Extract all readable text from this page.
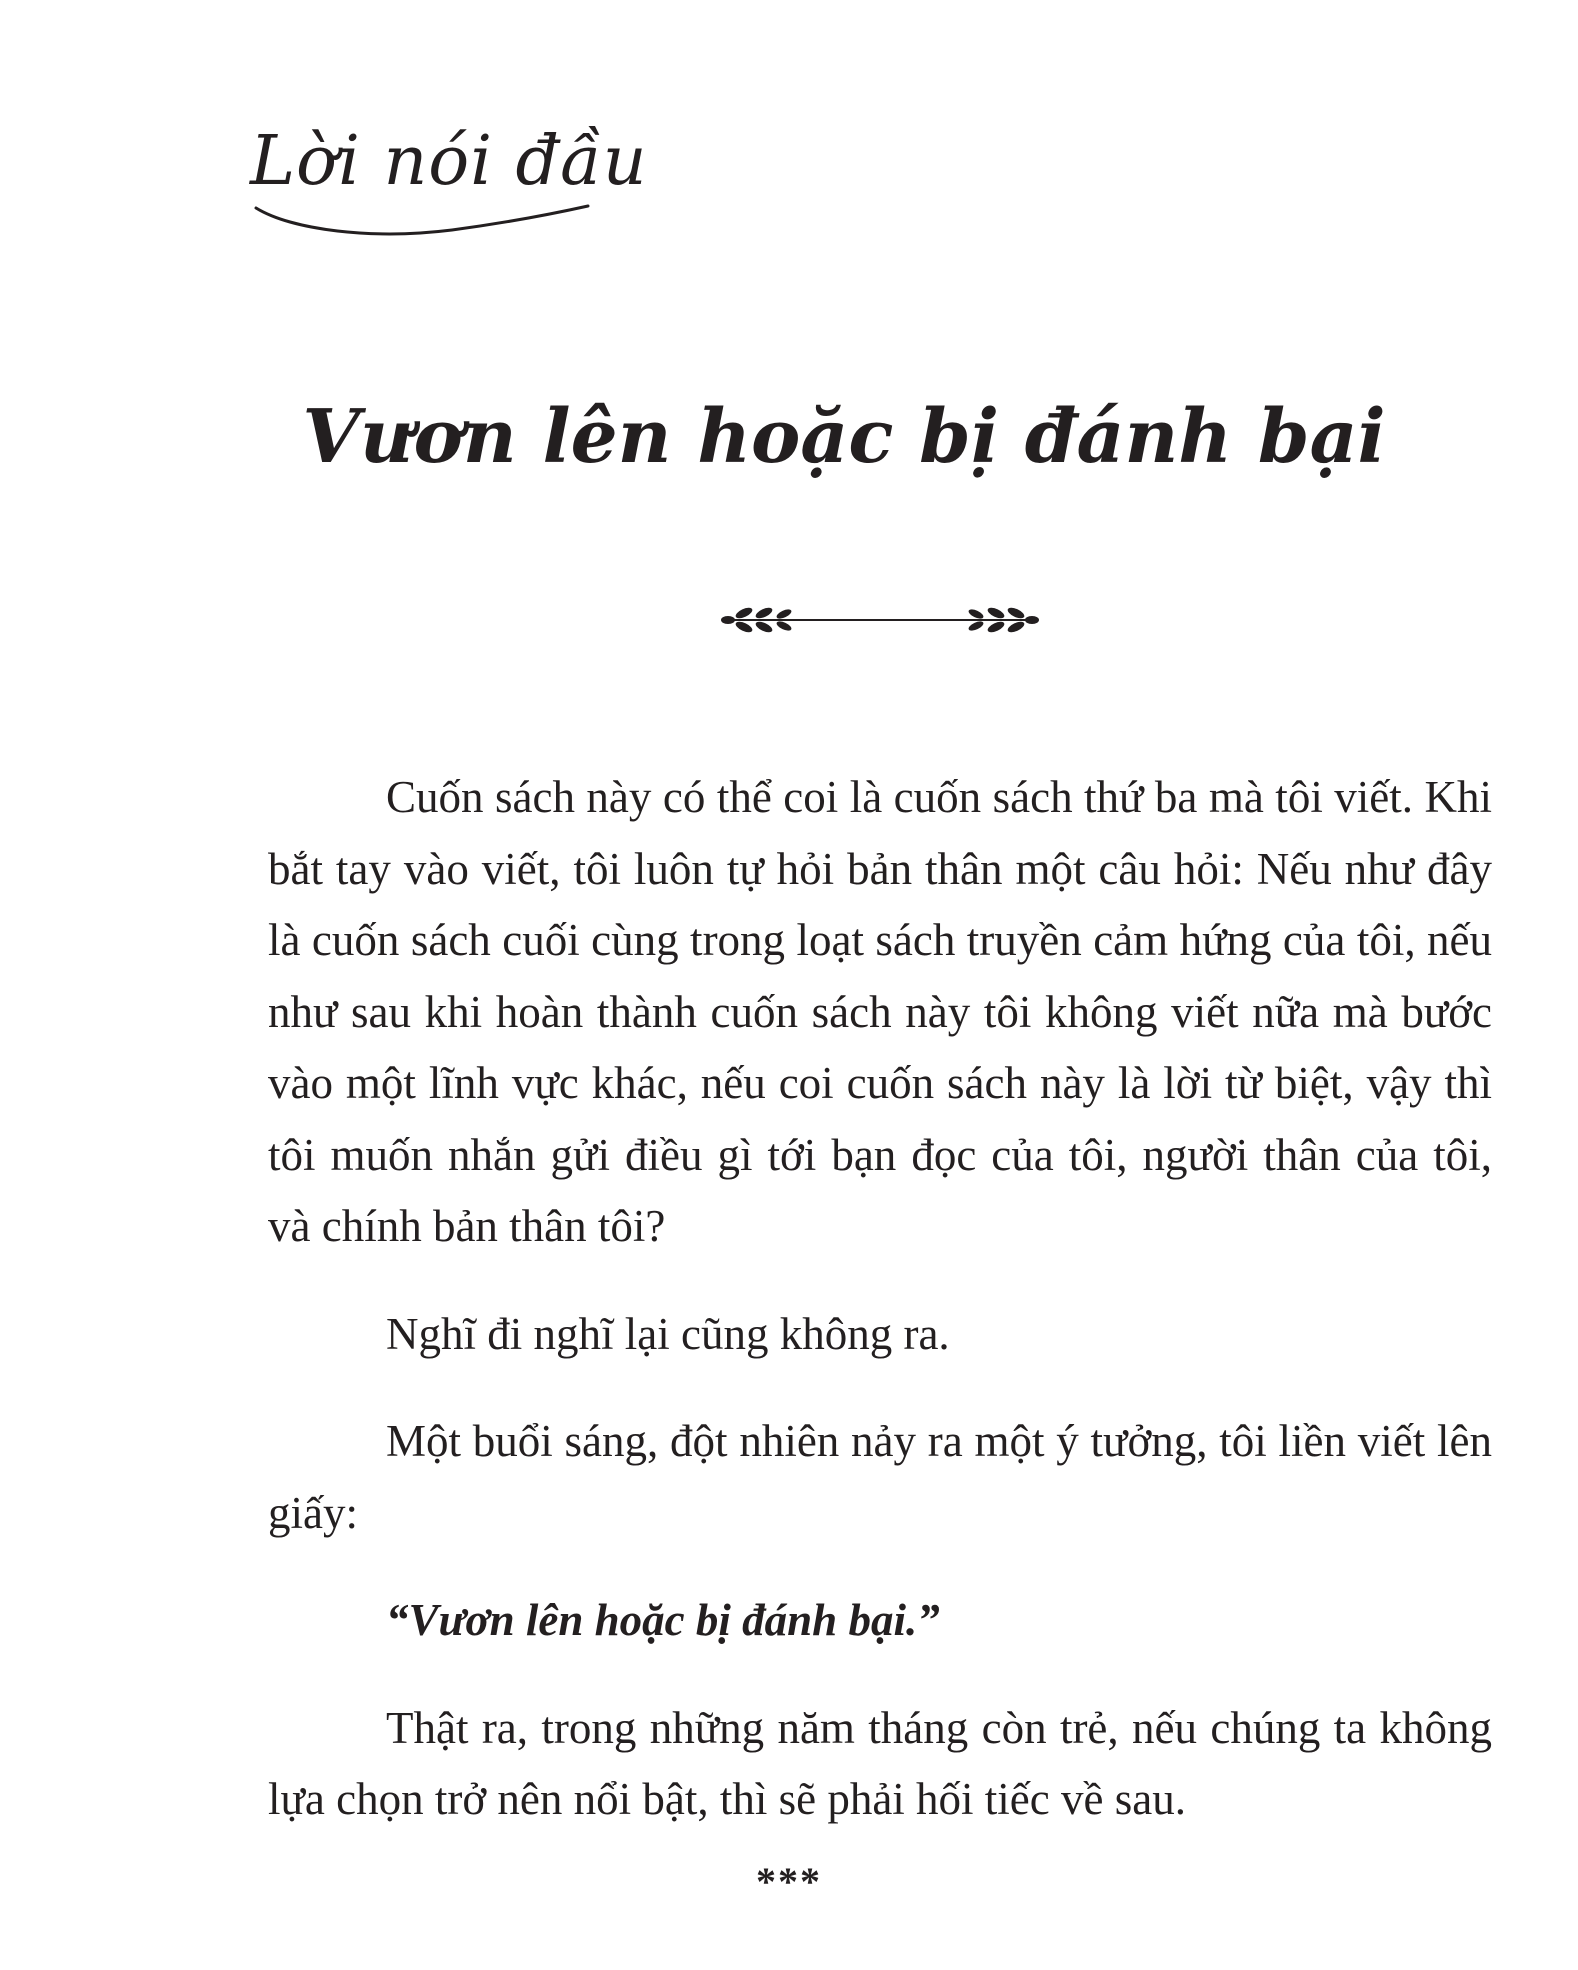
Lời nói đầu
Vươn lên hoặc bị đánh bại

Cuốn sách này có thể coi là cuốn sách thứ ba mà tôi viết. Khi bắt tay vào viết, tôi luôn tự hỏi bản thân một câu hỏi: Nếu như đây là cuốn sách cuối cùng trong loạt sách truyền cảm hứng của tôi, nếu như sau khi hoàn thành cuốn sách này tôi không viết nữa mà bước vào một lĩnh vực khác, nếu coi cuốn sách này là lời từ biệt, vậy thì tôi muốn nhắn gửi điều gì tới bạn đọc của tôi, người thân của tôi, và chính bản thân tôi?

Nghĩ đi nghĩ lại cũng không ra.

Một buổi sáng, đột nhiên nảy ra một ý tưởng, tôi liền viết lên giấy:

“Vươn lên hoặc bị đánh bại.”

Thật ra, trong những năm tháng còn trẻ, nếu chúng ta không lựa chọn trở nên nổi bật, thì sẽ phải hối tiếc về sau.

***
